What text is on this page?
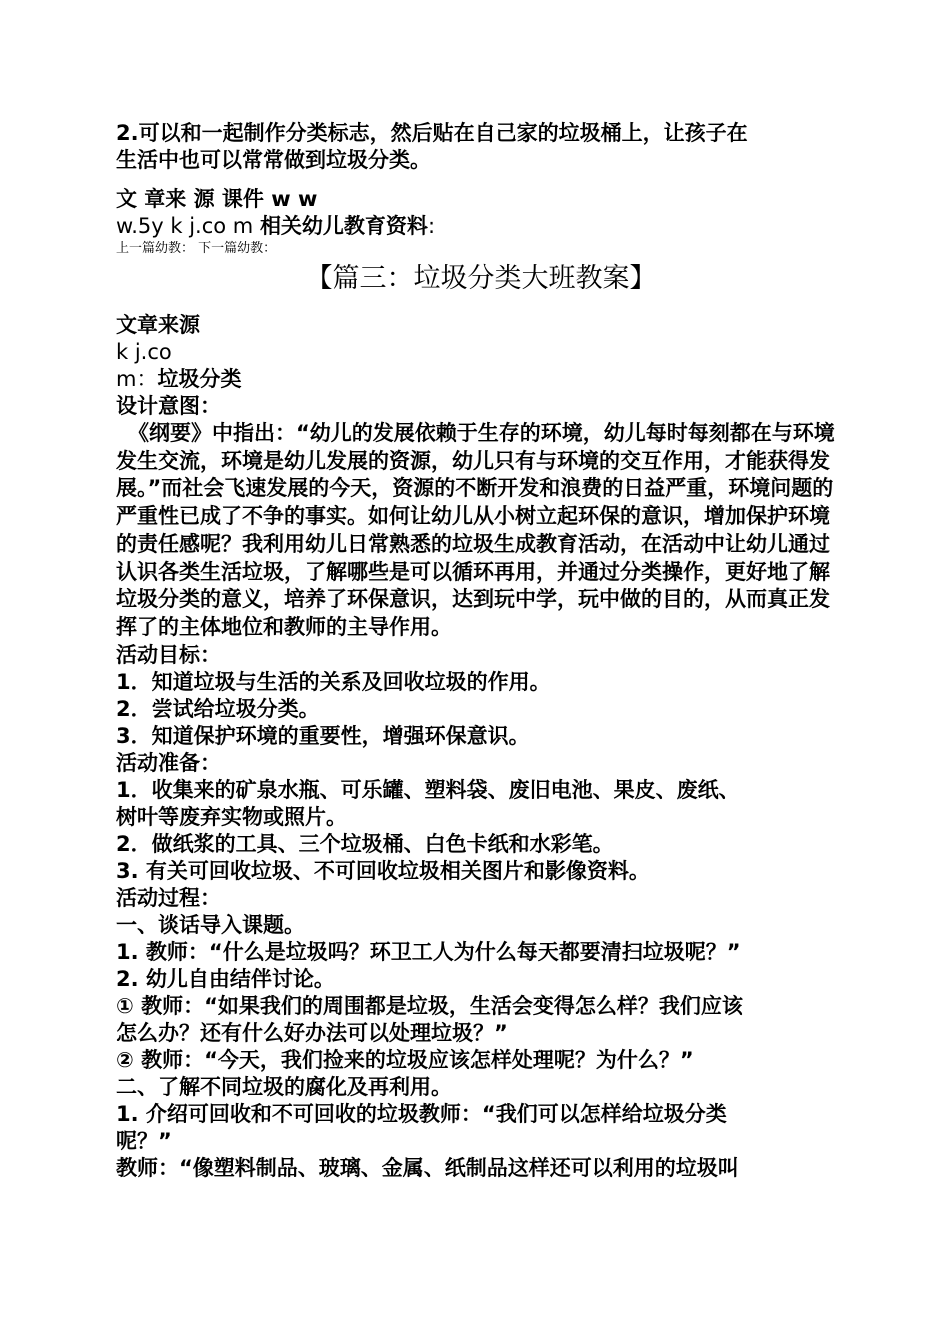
2.可以和一起制作分类标志，然后贴在自己家的垃圾桶上，让孩子在

生活中也可以常常做到垃圾分类。

文 章来 源 课件 w w

w.5y k j.co m 相关幼儿教育资料:

上一篇幼教： 下一篇幼教：

【篇三：垃圾分类大班教案】

文章来源

k j.co

m：垃圾分类

设计意图：

《纲要》中指出：“幼儿的发展依赖于生存的环境，幼儿每时每刻都在与环境发生交流，环境是幼儿发展的资源，幼儿只有与环境的交互作用，才能获得发展。”而社会飞速发展的今天，资源的不断开发和浪费的日益严重，环境问题的严重性已成了不争的事实。如何让幼儿从小树立起环保的意识，增加保护环境的责任感呢？我利用幼儿日常熟悉的垃圾生成教育活动，在活动中让幼儿通过认识各类生活垃圾，了解哪些是可以循环再用，并通过分类操作，更好地了解垃圾分类的意义，培养了环保意识，达到玩中学，玩中做的目的，从而真正发挥了的主体地位和教师的主导作用。

活动目标：

1．知道垃圾与生活的关系及回收垃圾的作用。

2．尝试给垃圾分类。

3．知道保护环境的重要性，增强环保意识。

活动准备：

1．收集来的矿泉水瓶、可乐罐、塑料袋、废旧电池、果皮、废纸、

树叶等废弃实物或照片。

2．做纸浆的工具、三个垃圾桶、白色卡纸和水彩笔。

3. 有关可回收垃圾、不可回收垃圾相关图片和影像资料。

活动过程：

一、谈话导入课题。

1. 教师：“什么是垃圾吗？环卫工人为什么每天都要清扫垃圾呢？”

2. 幼儿自由结伴讨论。

① 教师：“如果我们的周围都是垃圾，生活会变得怎么样？我们应该

怎么办？还有什么好办法可以处理垃圾？”

② 教师：“今天，我们捡来的垃圾应该怎样处理呢？为什么？”

二、了解不同垃圾的腐化及再利用。

1. 介绍可回收和不可回收的垃圾教师：“我们可以怎样给垃圾分类

呢？”

教师：“像塑料制品、玻璃、金属、纸制品这样还可以利用的垃圾叫
